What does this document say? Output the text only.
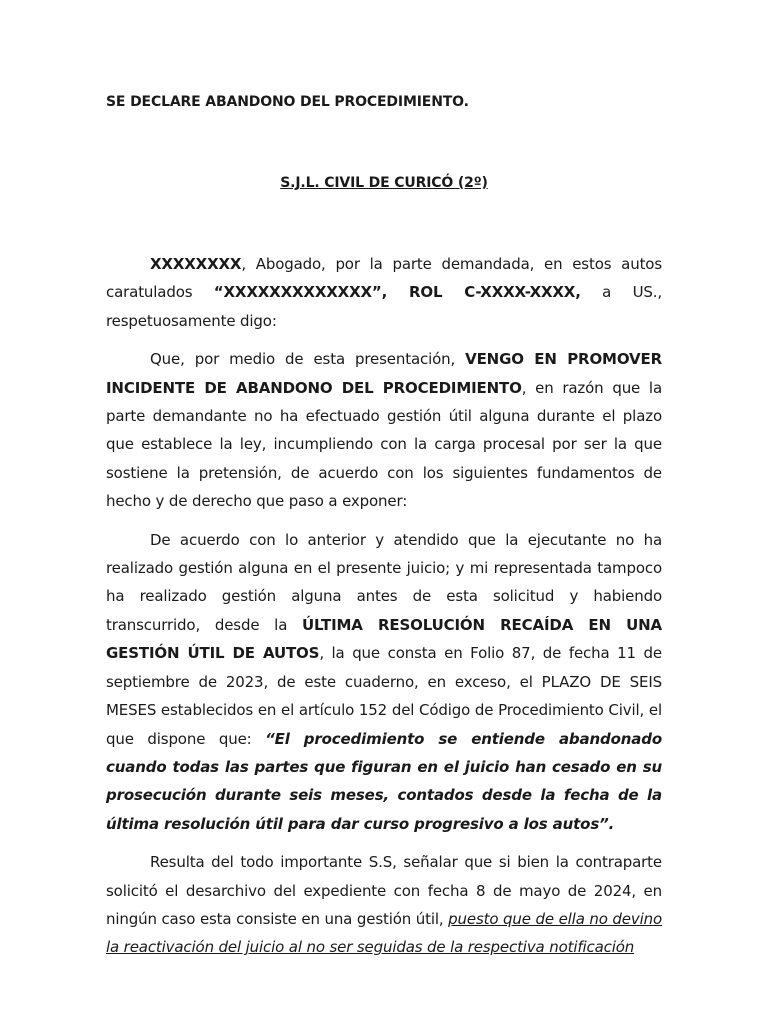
SE DECLARE ABANDONO DEL PROCEDIMIENTO.

S.J.L. CIVIL DE CURICÓ (2º)

XXXXXXXX, Abogado, por la parte demandada, en estos autos caratulados “XXXXXXXXXXXXX”, ROL C-XXXX-XXXX, a US., respetuosamente digo:

Que, por medio de esta presentación, VENGO EN PROMOVER INCIDENTE DE ABANDONO DEL PROCEDIMIENTO, en razón que la parte demandante no ha efectuado gestión útil alguna durante el plazo que establece la ley, incumpliendo con la carga procesal por ser la que sostiene la pretensión, de acuerdo con los siguientes fundamentos de hecho y de derecho que paso a exponer:

De acuerdo con lo anterior y atendido que la ejecutante no ha realizado gestión alguna en el presente juicio; y mi representada tampoco ha realizado gestión alguna antes de esta solicitud y habiendo transcurrido, desde la ÚLTIMA RESOLUCIÓN RECAÍDA EN UNA GESTIÓN ÚTIL DE AUTOS, la que consta en Folio 87, de fecha 11 de septiembre de 2023, de este cuaderno, en exceso, el PLAZO DE SEIS MESES establecidos en el artículo 152 del Código de Procedimiento Civil, el que dispone que: “El procedimiento se entiende abandonado cuando todas las partes que figuran en el juicio han cesado en su prosecución durante seis meses, contados desde la fecha de la última resolución útil para dar curso progresivo a los autos”.

Resulta del todo importante S.S, señalar que si bien la contraparte solicitó el desarchivo del expediente con fecha 8 de mayo de 2024, en ningún caso esta consiste en una gestión útil, puesto que de ella no devino la reactivación del juicio al no ser seguidas de la respectiva notificación
